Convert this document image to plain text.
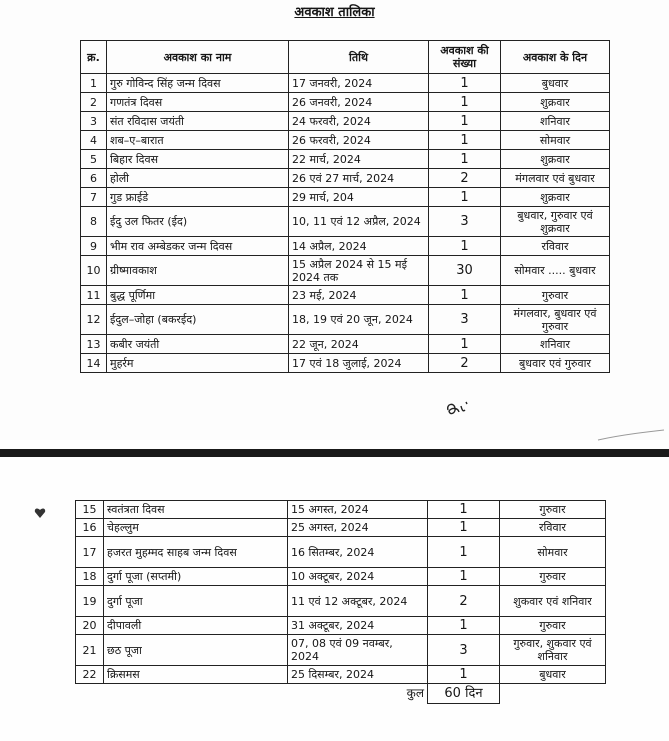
अवकाश तालिका
क्र.	अवकाश का नाम	तिथि	अवकाश की संख्या	अवकाश के दिन
1	गुरु गोविन्द सिंह जन्म दिवस	17 जनवरी, 2024	1	बुधवार
2	गणतंत्र दिवस	26 जनवरी, 2024	1	शुक्रवार
3	संत रविदास जयंती	24 फरवरी, 2024	1	शनिवार
4	शब–ए–बारात	26 फरवरी, 2024	1	सोमवार
5	बिहार दिवस	22 मार्च, 2024	1	शुक्रवार
6	होली	26 एवं 27 मार्च, 2024	2	मंगलवार एवं बुधवार
7	गुड फ्राईडे	29 मार्च, 204	1	शुक्रवार
8	ईदु उल फितर (ईद)	10, 11 एवं 12 अप्रैल, 2024	3	बुधवार, गुरुवार एवं शुक्रवार
9	भीम राव अम्बेडकर जन्म दिवस	14 अप्रैल, 2024	1	रविवार
10	ग्रीष्मावकाश	15 अप्रैल 2024 से 15 मई 2024 तक	30	सोमवार ..... बुधवार
11	बुद्ध पूर्णिमा	23 मई, 2024	1	गुरुवार
12	ईदुल–जोहा (बकरईद)	18, 19 एवं 20 जून, 2024	3	मंगलवार, बुधवार एवं गुरुवार
13	कबीर जयंती	22 जून, 2024	1	शनिवार
14	मुहर्रम	17 एवं 18 जुलाई, 2024	2	बुधवार एवं गुरुवार
15	स्वतंत्रता दिवस	15 अगस्त, 2024	1	गुरुवार
16	चेहल्लुम	25 अगस्त, 2024	1	रविवार
17	हजरत मुहम्मद साहब जन्म दिवस	16 सितम्बर, 2024	1	सोमवार
18	दुर्गा पूजा (सप्तमी)	10 अक्टूबर, 2024	1	गुरुवार
19	दुर्गा पूजा	11 एवं 12 अक्टूबर, 2024	2	शुकवार एवं शनिवार
20	दीपावली	31 अक्टूबर, 2024	1	गुरुवार
21	छठ पूजा	07, 08 एवं 09 नवम्बर, 2024	3	गुरुवार, शुकवार एवं शनिवार
22	क्रिसमस	25 दिसम्बर, 2024	1	बुधवार
कुल			60 दिन	
